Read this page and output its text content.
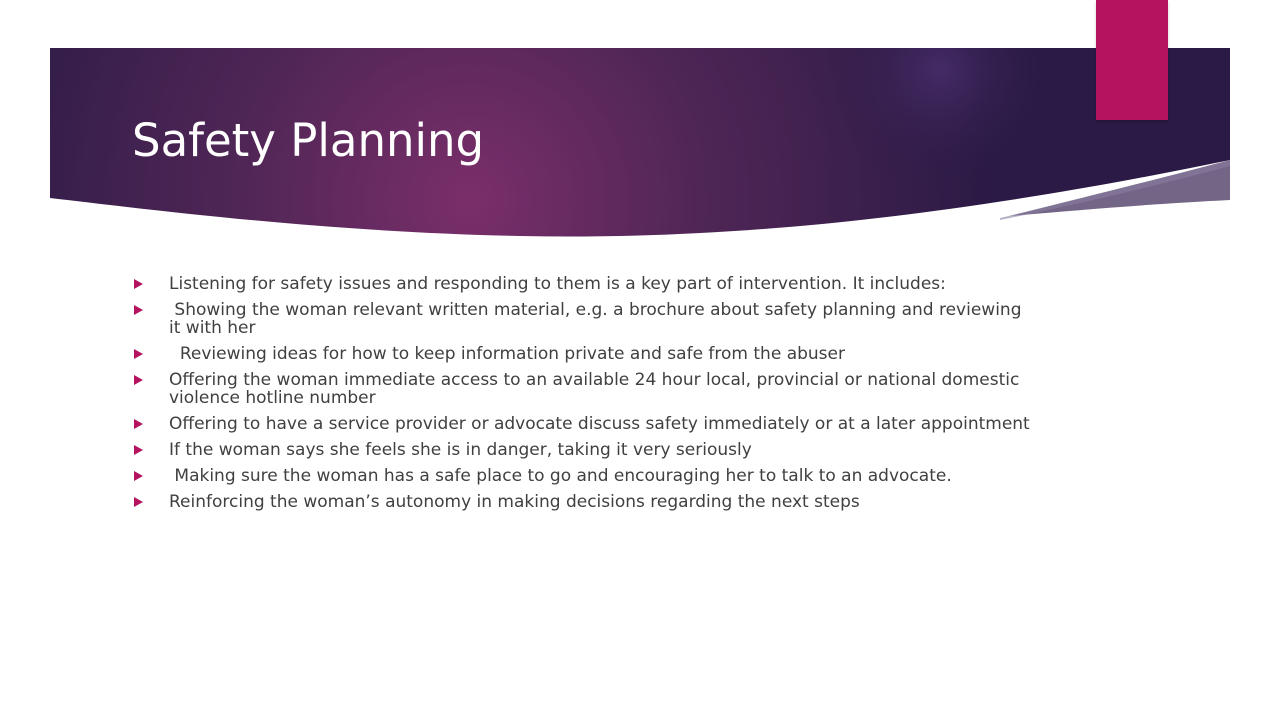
Safety Planning
Listening for safety issues and responding to them is a key part of intervention. It includes:
Showing the woman relevant written material, e.g. a brochure about safety planning and reviewing it with her
Reviewing ideas for how to keep information private and safe from the abuser
Offering the woman immediate access to an available 24 hour local, provincial or national domestic violence hotline number
Offering to have a service provider or advocate discuss safety immediately or at a later appointment
If the woman says she feels she is in danger, taking it very seriously
Making sure the woman has a safe place to go and encouraging her to talk to an advocate.
Reinforcing the woman’s autonomy in making decisions regarding the next steps
